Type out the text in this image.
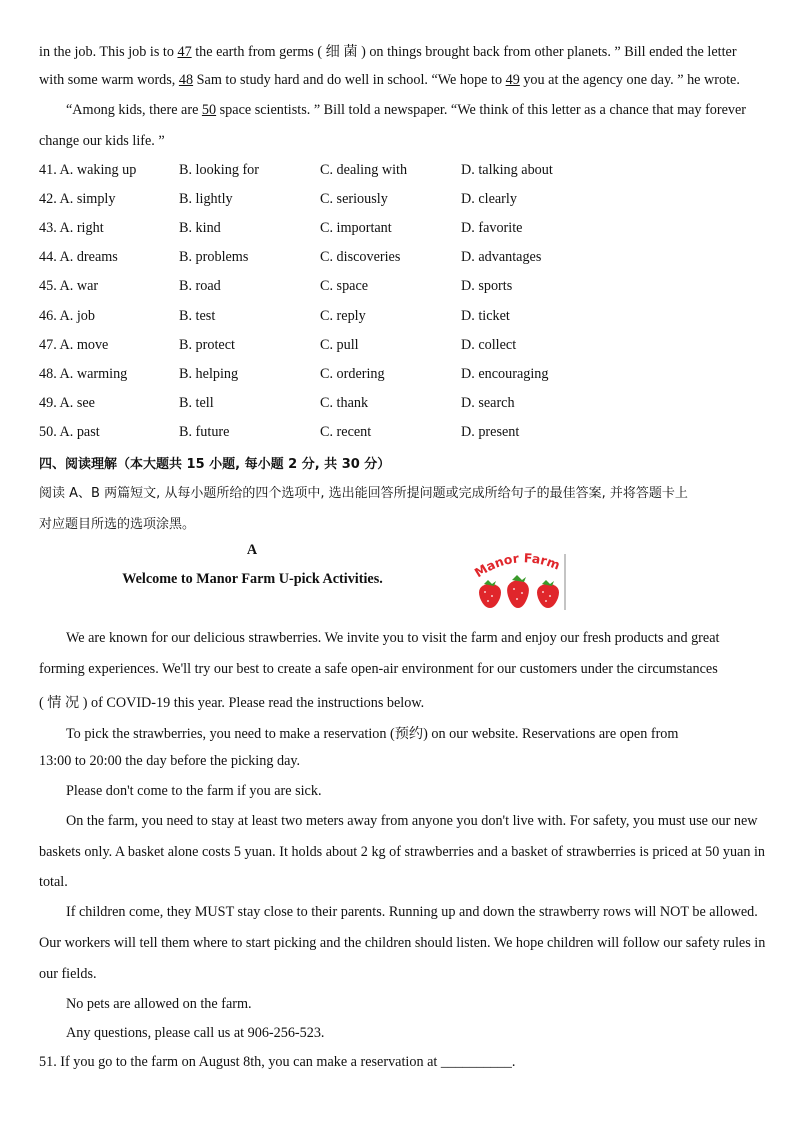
in the job. This job is to 47 the earth from germs ( 细 菌 ) on things brought back from other planets. ” Bill ended the letter
with some warm words, 48 Sam to study hard and do well in school. “We hope to 49 you at the agency one day. ” he wrote.
“Among kids, there are 50 space scientists. ” Bill told a newspaper. “We think of this letter as a chance that may forever
change our kids life. ”
41. A. waking up	B. looking for	C. dealing with	D. talking about
42. A. simply	B. lightly	C. seriously	D. clearly
43. A. right	B. kind	C. important	D. favorite
44. A. dreams	B. problems	C. discoveries	D. advantages
45. A. war	B. road	C. space	D. sports
46. A. job	B. test	C. reply	D. ticket
47. A. move	B. protect	C. pull	D. collect
48. A. warming	B. helping	C. ordering	D. encouraging
49. A. see	B. tell	C. thank	D. search
50. A. past	B. future	C. recent	D. present
四、阅读理解（本大题共 15 小题, 每小题 2 分, 共 30 分）
阅读 A、B 两篇短文, 从每小题所给的四个选项中, 选出能回答所提问题或完成所给句子的最佳答案, 并将答题卡上
对应题目所选的选项涂黑。
A
Welcome to Manor Farm U-pick Activities.	Manor Farm
We are known for our delicious strawberries. We invite you to visit the farm and enjoy our fresh products and great
forming experiences. We'll try our best to create a safe open-air environment for our customers under the circumstances
( 情 况 ) of COVID-19 this year. Please read the instructions below.
To pick the strawberries, you need to make a reservation (预约) on our website. Reservations are open from
13:00 to 20:00 the day before the picking day.
Please don't come to the farm if you are sick.
On the farm, you need to stay at least two meters away from anyone you don't live with. For safety, you must use our new
baskets only. A basket alone costs 5 yuan. It holds about 2 kg of strawberries and a basket of strawberries is priced at 50 yuan in
total.
If children come, they MUST stay close to their parents. Running up and down the strawberry rows will NOT be allowed.
Our workers will tell them where to start picking and the children should listen. We hope children will follow our safety rules in
our fields.
No pets are allowed on the farm.
Any questions, please call us at 906-256-523.
51. If you go to the farm on August 8th, you can make a reservation at __________.
